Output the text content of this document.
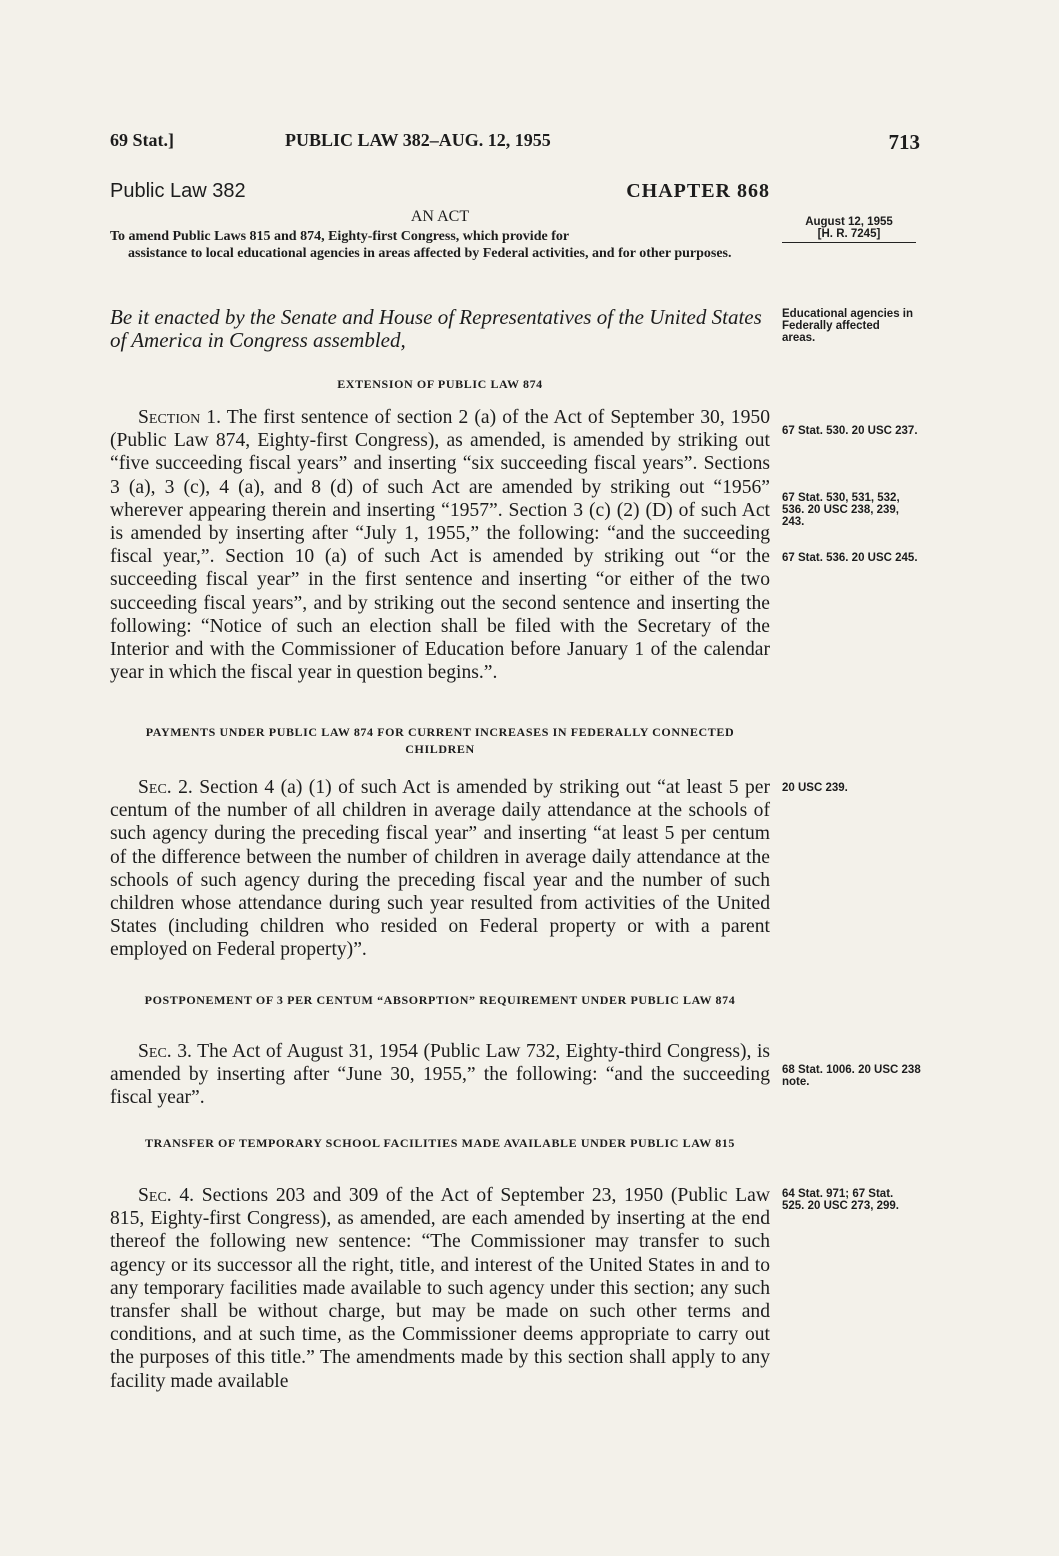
69 Stat.]	PUBLIC LAW 382–AUG. 12, 1955	713
Public Law 382	CHAPTER 868
AN ACT
To amend Public Laws 815 and 874, Eighty-first Congress, which provide for
assistance to local educational agencies in areas affected by Federal activities, and for other purposes.
August 12, 1955
[H. R. 7245]
Be it enacted by the Senate and House of Representatives of the United States of America in Congress assembled,
Educational agencies in Federally affected areas.
EXTENSION OF PUBLIC LAW 874
Section 1. The first sentence of section 2 (a) of the Act of September 30, 1950 (Public Law 874, Eighty-first Congress), as amended, is amended by striking out “five succeeding fiscal years” and inserting “six succeeding fiscal years”. Sections 3 (a), 3 (c), 4 (a), and 8 (d) of such Act are amended by striking out “1956” wherever appearing therein and inserting “1957”. Section 3 (c) (2) (D) of such Act is amended by inserting after “July 1, 1955,” the following: “and the succeeding fiscal year,”. Section 10 (a) of such Act is amended by striking out “or the succeeding fiscal year” in the first sentence and inserting “or either of the two succeeding fiscal years”, and by striking out the second sentence and inserting the following: “Notice of such an election shall be filed with the Secretary of the Interior and with the Commissioner of Education before January 1 of the calendar year in which the fiscal year in question begins.”.
67 Stat. 530. 20 USC 237.
67 Stat. 530, 531, 532, 536. 20 USC 238, 239, 243.
67 Stat. 536. 20 USC 245.
PAYMENTS UNDER PUBLIC LAW 874 FOR CURRENT INCREASES IN FEDERALLY CONNECTED CHILDREN
Sec. 2. Section 4 (a) (1) of such Act is amended by striking out “at least 5 per centum of the number of all children in average daily attendance at the schools of such agency during the preceding fiscal year” and inserting “at least 5 per centum of the difference between the number of children in average daily attendance at the schools of such agency during the preceding fiscal year and the number of such children whose attendance during such year resulted from activities of the United States (including children who resided on Federal property or with a parent employed on Federal property)”.
20 USC 239.
POSTPONEMENT OF 3 PER CENTUM “ABSORPTION” REQUIREMENT UNDER PUBLIC LAW 874
Sec. 3. The Act of August 31, 1954 (Public Law 732, Eighty-third Congress), is amended by inserting after “June 30, 1955,” the following: “and the succeeding fiscal year”.
68 Stat. 1006. 20 USC 238 note.
TRANSFER OF TEMPORARY SCHOOL FACILITIES MADE AVAILABLE UNDER PUBLIC LAW 815
Sec. 4. Sections 203 and 309 of the Act of September 23, 1950 (Public Law 815, Eighty-first Congress), as amended, are each amended by inserting at the end thereof the following new sentence: “The Commissioner may transfer to such agency or its successor all the right, title, and interest of the United States in and to any temporary facilities made available to such agency under this section; any such transfer shall be without charge, but may be made on such other terms and conditions, and at such time, as the Commissioner deems appropriate to carry out the purposes of this title.” The amendments made by this section shall apply to any facility made available
64 Stat. 971; 67 Stat. 525. 20 USC 273, 299.
